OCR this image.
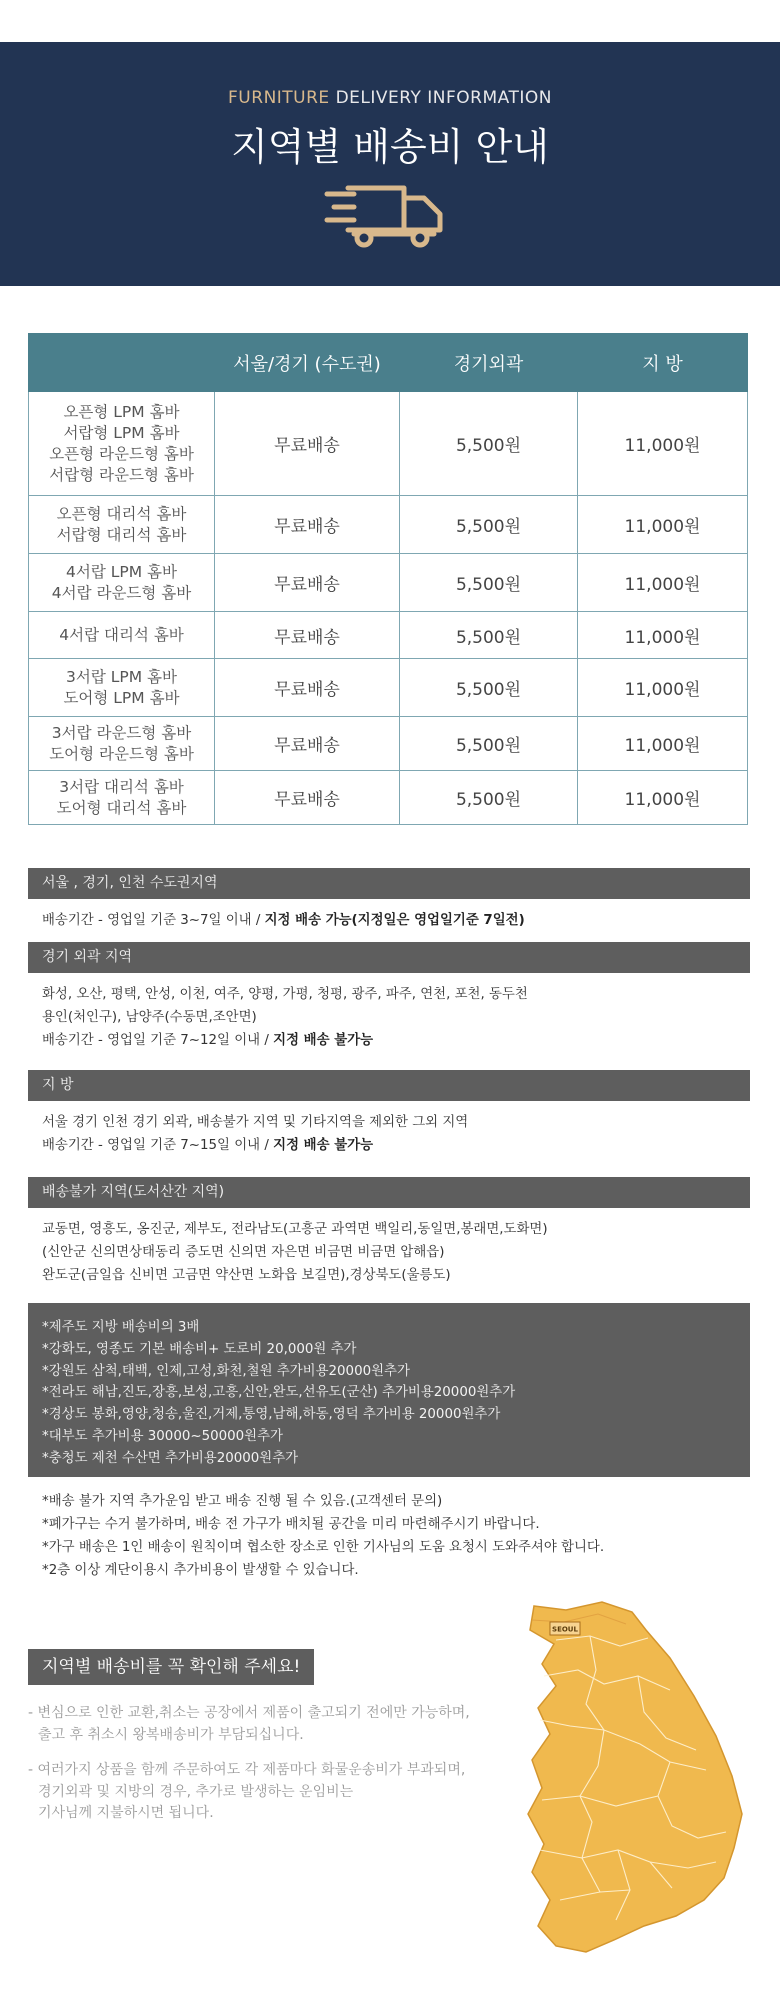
FURNITURE DELIVERY INFORMATION
지역별 배송비 안내
	서울/경기 (수도권)	경기외곽	지 방

오픈형 LPM 홈바
서랍형 LPM 홈바
오픈형 라운드형 홈바
서랍형 라운드형 홈바	무료배송	5,500원	11,000원

오픈형 대리석 홈바
서랍형 대리석 홈바	무료배송	5,500원	11,000원

4서랍 LPM 홈바
4서랍 라운드형 홈바	무료배송	5,500원	11,000원

4서랍 대리석 홈바	무료배송	5,500원	11,000원

3서랍 LPM 홈바
도어형 LPM 홈바	무료배송	5,500원	11,000원

3서랍 라운드형 홈바
도어형 라운드형 홈바	무료배송	5,500원	11,000원

3서랍 대리석 홈바
도어형 대리석 홈바	무료배송	5,500원	11,000원
서울 , 경기, 인천 수도권지역

배송기간 - 영업일 기준 3~7일 이내 / 지정 배송 가능(지정일은 영업일기준 7일전)

경기 외곽 지역

화성, 오산, 평택, 안성, 이천, 여주, 양평, 가평, 청평, 광주, 파주, 연천, 포천, 동두천

용인(처인구), 남양주(수동면,조안면)

배송기간 - 영업일 기준 7~12일 이내 / 지정 배송 불가능

지 방

서울 경기 인천 경기 외곽, 배송불가 지역 및 기타지역을 제외한 그외 지역

배송기간 - 영업일 기준 7~15일 이내 / 지정 배송 불가능

배송불가 지역(도서산간 지역)

교동면, 영흥도, 옹진군, 제부도, 전라남도(고흥군 과역면 백일리,동일면,봉래면,도화면)

(신안군 신의면상태동리 증도면 신의면 자은면 비금면 비금면 압해읍)

완도군(금일읍 신비면 고금면 약산면 노화읍 보길면),경상북도(울릉도)

*제주도 지방 배송비의 3배

*강화도, 영종도 기본 배송비+ 도로비 20,000원 추가

*강원도 삼척,태백, 인제,고성,화천,철원 추가비용20000원추가

*전라도 해남,진도,장흥,보성,고흥,신안,완도,선유도(군산) 추가비용20000원추가

*경상도 봉화,영양,청송,울진,거제,통영,남해,하동,영덕 추가비용 20000원추가

*대부도 추가비용 30000~50000원추가

*충청도 제천 수산면 추가비용20000원추가

*배송 불가 지역 추가운임 받고 배송 진행 될 수 있음.(고객센터 문의)

*폐가구는 수거 불가하며, 배송 전 가구가 배치될 공간을 미리 마련해주시기 바랍니다.

*가구 배송은 1인 배송이 원칙이며 협소한 장소로 인한 기사님의 도움 요청시 도와주셔야 합니다.

*2층 이상 계단이용시 추가비용이 발생할 수 있습니다.

SEOUL
지역별 배송비를 꼭 확인해 주세요!

- 변심으로 인한 교환,취소는 공장에서 제품이 출고되기 전에만 가능하며,

출고 후 취소시 왕복배송비가 부담되십니다.

- 여러가지 상품을 함께 주문하여도 각 제품마다 화물운송비가 부과되며,

경기외곽 및 지방의 경우, 추가로 발생하는 운임비는

기사님께 지불하시면 됩니다.
